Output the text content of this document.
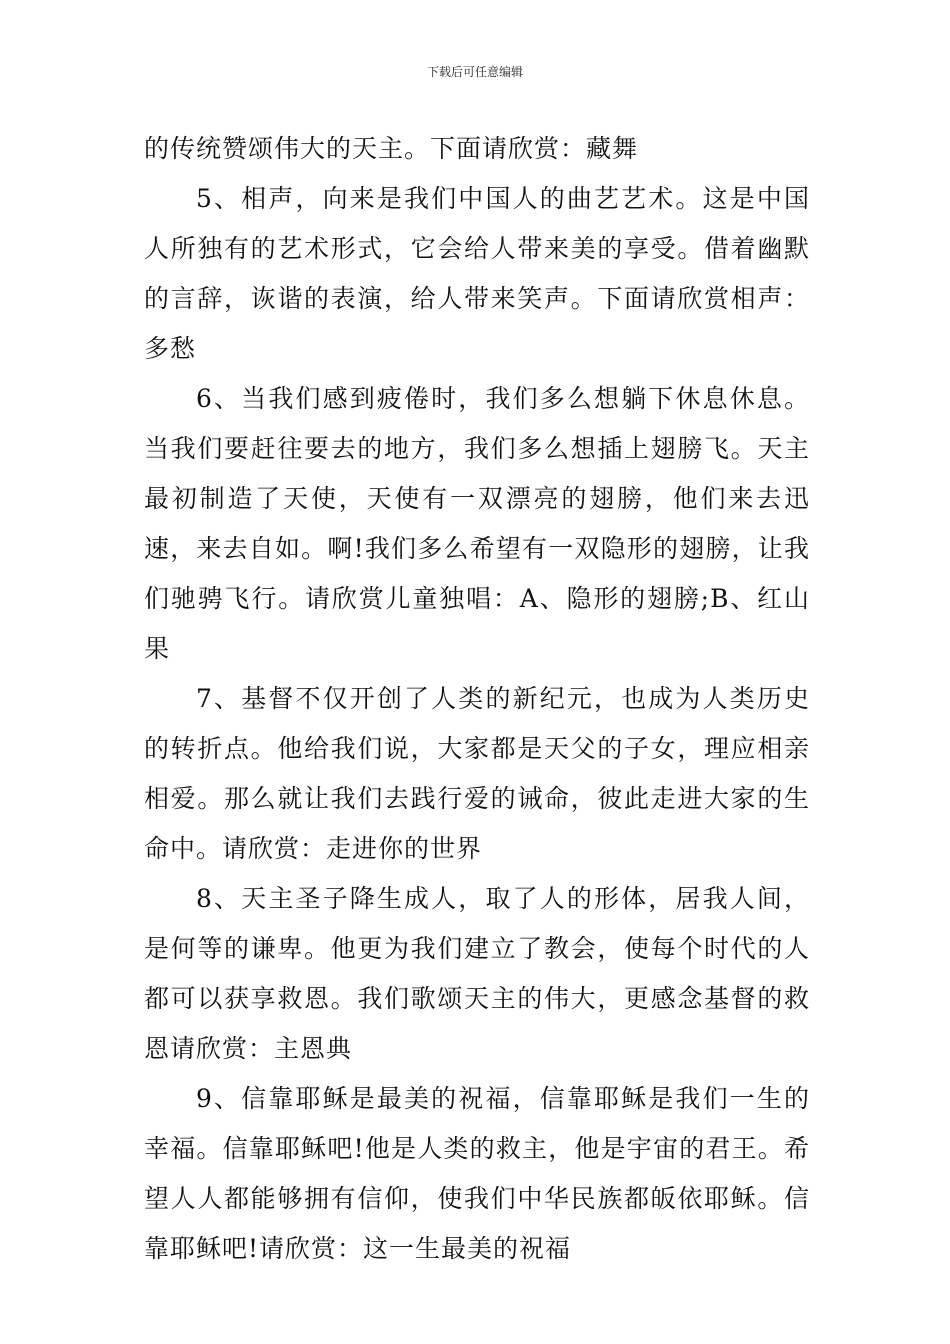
下载后可任意编辑

的传统赞颂伟大的天主。下面请欣赏：藏舞

5、相声，向来是我们中国人的曲艺艺术。这是中国人所独有的艺术形式，它会给人带来美的享受。借着幽默的言辞，诙谐的表演，给人带来笑声。下面请欣赏相声：多愁

6、当我们感到疲倦时，我们多么想躺下休息休息。当我们要赶往要去的地方，我们多么想插上翅膀飞。天主最初制造了天使，天使有一双漂亮的翅膀，他们来去迅速，来去自如。啊!我们多么希望有一双隐形的翅膀，让我们驰骋飞行。请欣赏儿童独唱：A、隐形的翅膀;B、红山果

7、基督不仅开创了人类的新纪元，也成为人类历史的转折点。他给我们说，大家都是天父的子女，理应相亲相爱。那么就让我们去践行爱的诫命，彼此走进大家的生命中。请欣赏：走进你的世界

8、天主圣子降生成人，取了人的形体，居我人间，是何等的谦卑。他更为我们建立了教会，使每个时代的人都可以获享救恩。我们歌颂天主的伟大，更感念基督的救恩请欣赏：主恩典

9、信靠耶稣是最美的祝福，信靠耶稣是我们一生的幸福。信靠耶稣吧!他是人类的救主，他是宇宙的君王。希望人人都能够拥有信仰，使我们中华民族都皈依耶稣。信靠耶稣吧!请欣赏：这一生最美的祝福
